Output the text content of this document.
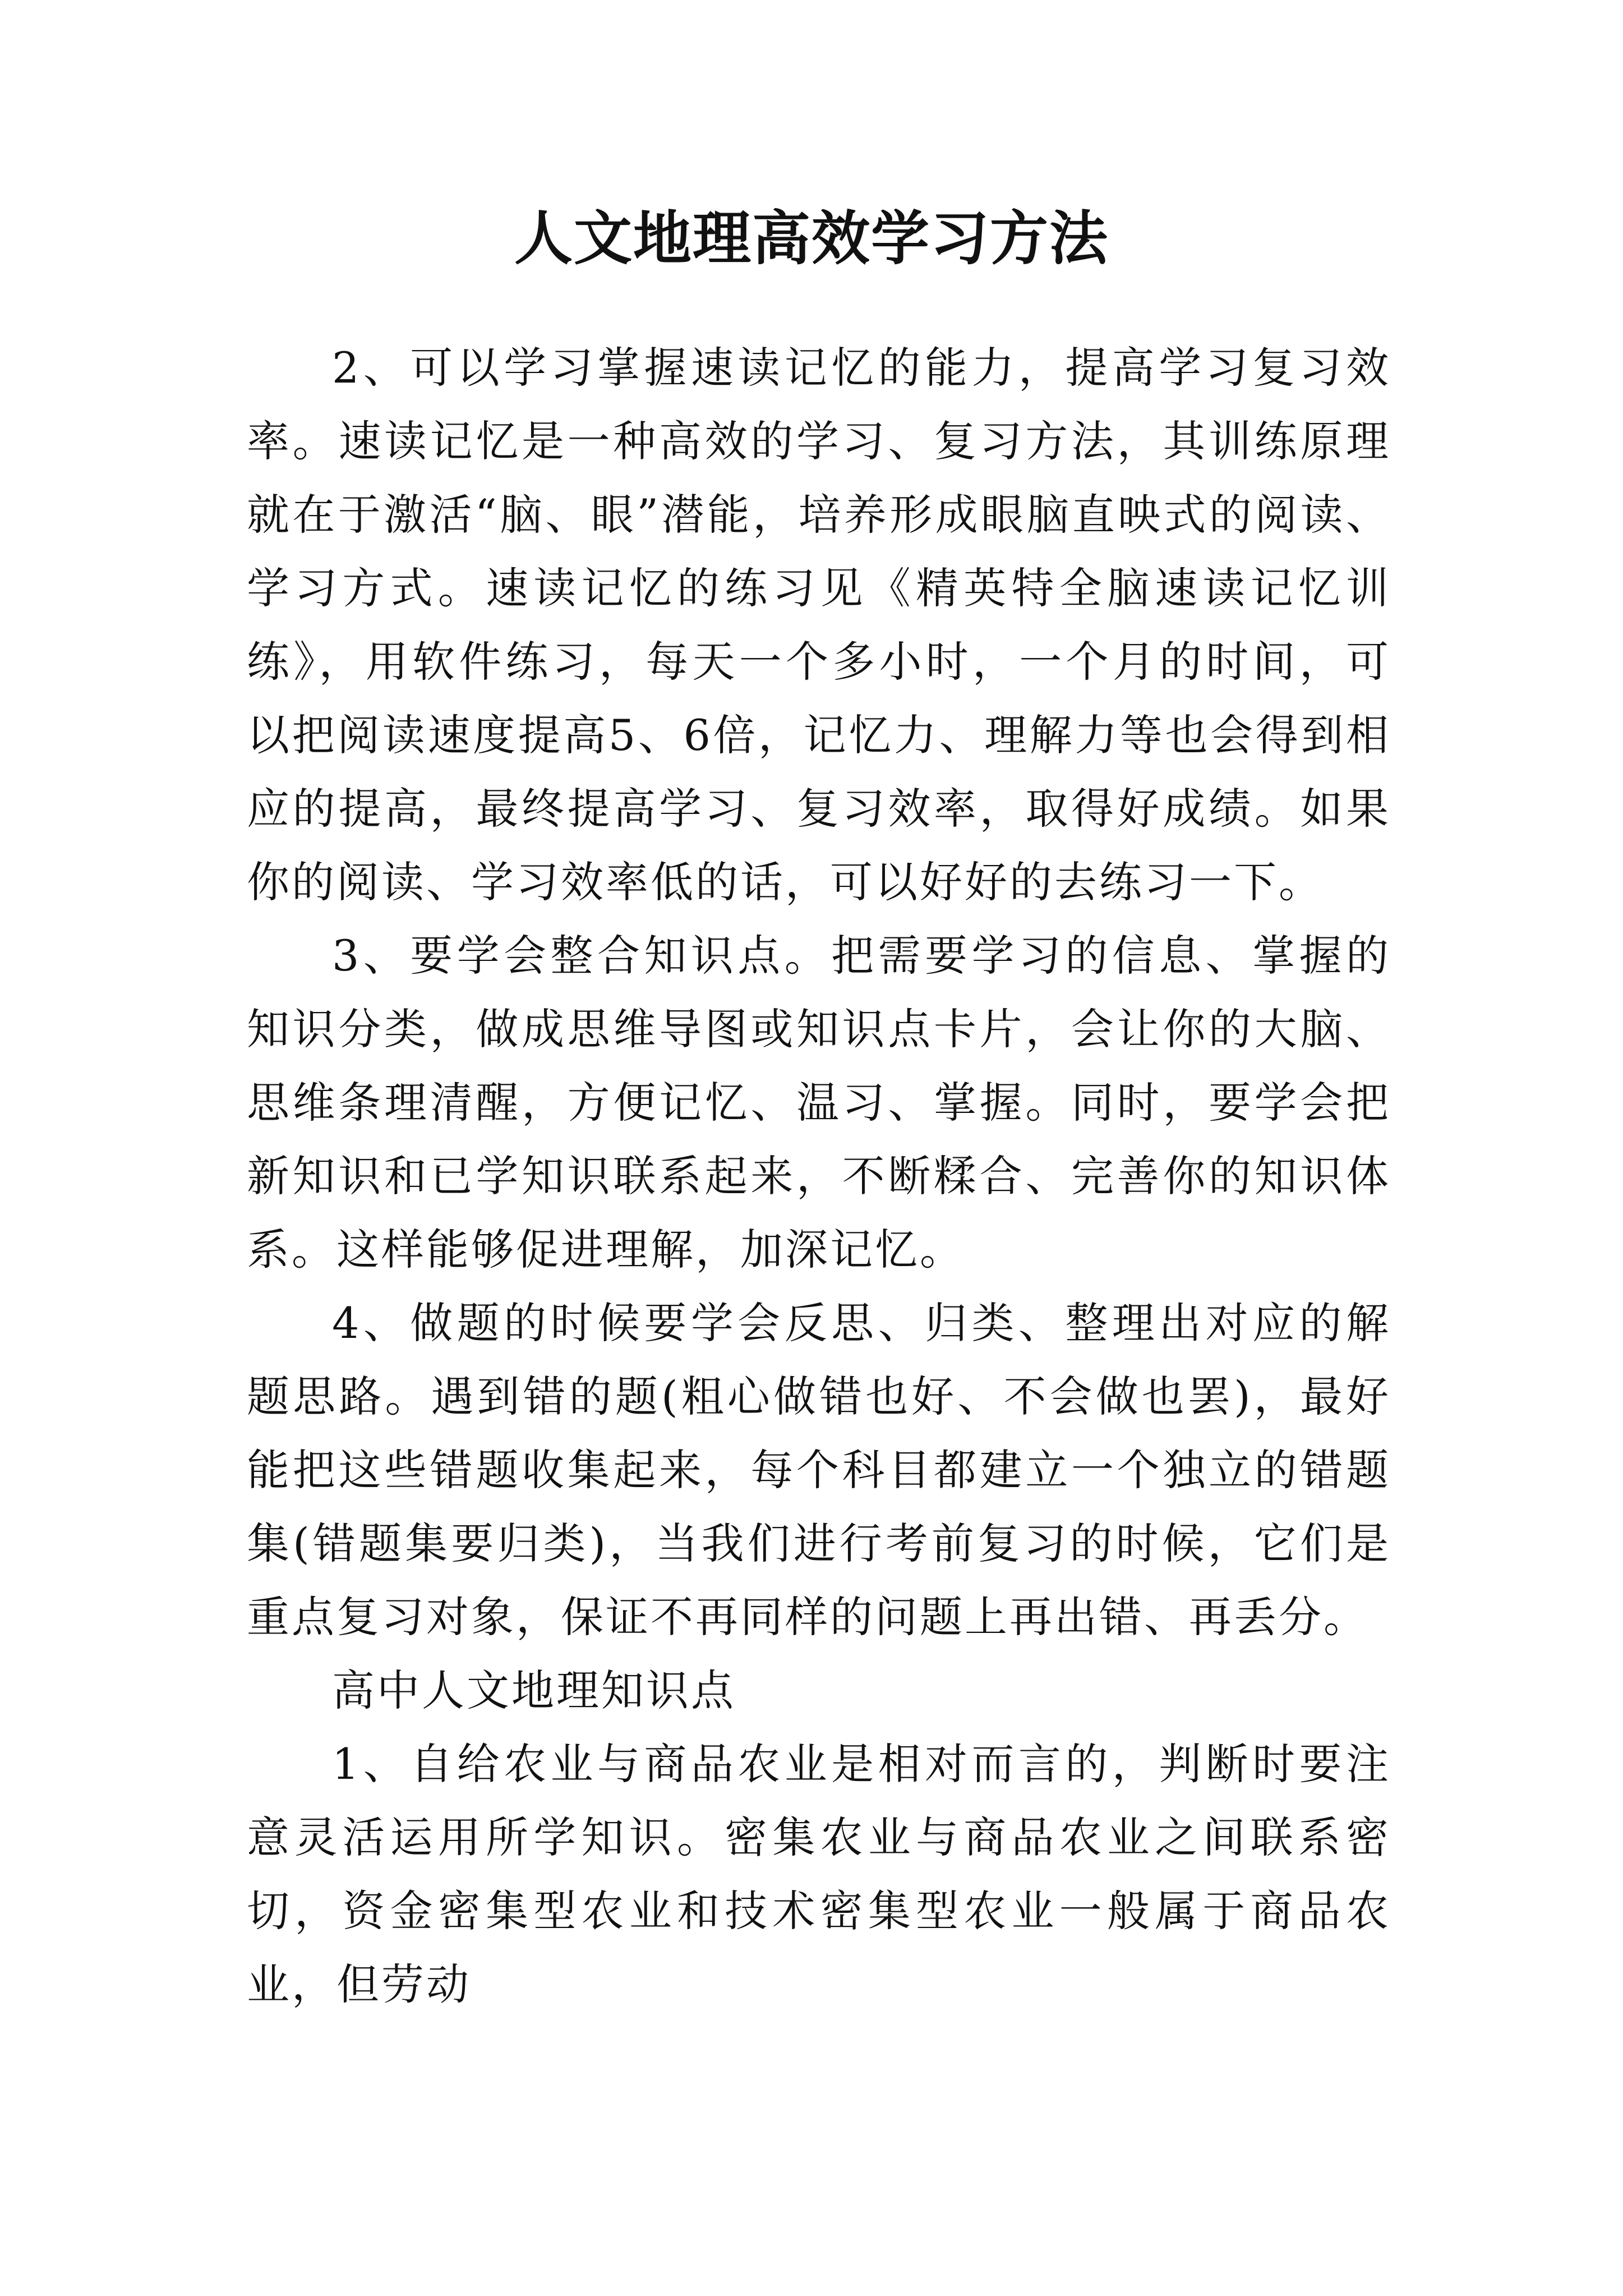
人文地理高效学习方法

2、可以学习掌握速读记忆的能力，提高学习复习效率。速读记忆是一种高效的学习、复习方法，其训练原理就在于激活“脑、眼”潜能，培养形成眼脑直映式的阅读、学习方式。速读记忆的练习见《精英特全脑速读记忆训练》，用软件练习，每天一个多小时，一个月的时间，可以把阅读速度提高5、6倍，记忆力、理解力等也会得到相应的提高，最终提高学习、复习效率，取得好成绩。如果你的阅读、学习效率低的话，可以好好的去练习一下。

3、要学会整合知识点。把需要学习的信息、掌握的知识分类，做成思维导图或知识点卡片，会让你的大脑、思维条理清醒，方便记忆、温习、掌握。同时，要学会把新知识和已学知识联系起来，不断糅合、完善你的知识体系。这样能够促进理解，加深记忆。

4、做题的时候要学会反思、归类、整理出对应的解题思路。遇到错的题(粗心做错也好、不会做也罢)，最好能把这些错题收集起来，每个科目都建立一个独立的错题集(错题集要归类)，当我们进行考前复习的时候，它们是重点复习对象，保证不再同样的问题上再出错、再丢分。

高中人文地理知识点

1、自给农业与商品农业是相对而言的，判断时要注意灵活运用所学知识。密集农业与商品农业之间联系密切，资金密集型农业和技术密集型农业一般属于商品农业，但劳动
